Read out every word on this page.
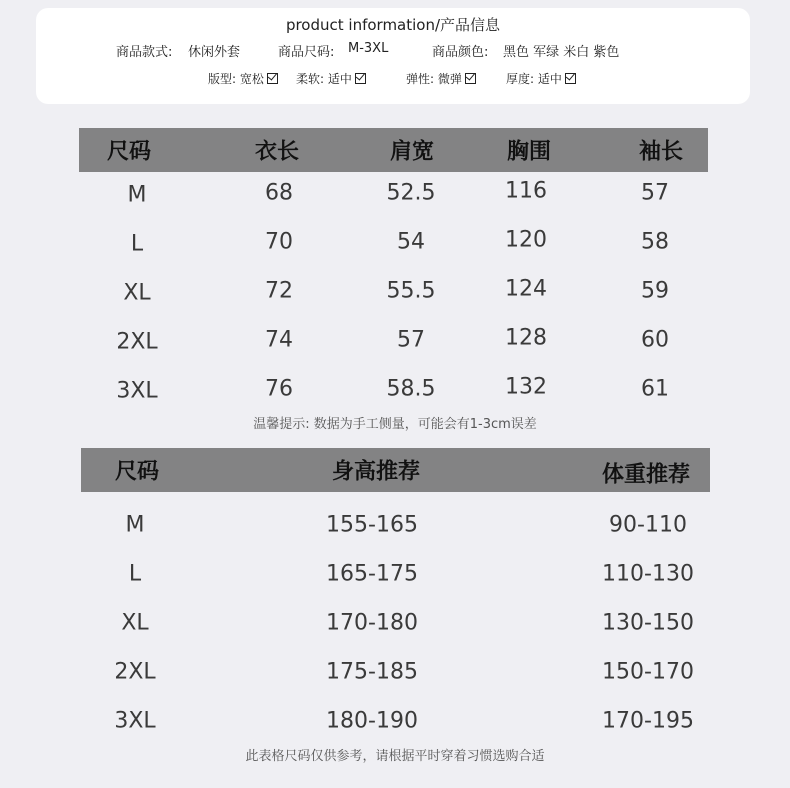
product information/产品信息
商品款式: 休闲外套	商品尺码: M-3XL	商品颜色: 黑色 军绿 米白 紫色
版型: 宽松	柔软: 适中	弹性: 微弹	厚度: 适中
尺码	衣长	肩宽	胸围	袖长
M	68	52.5	116	57
L	70	54	120	58
XL	72	55.5	124	59
2XL	74	57	128	60
3XL	76	58.5	132	61
温馨提示: 数据为手工侧量，可能会有1-3cm误差
尺码	身高推荐	体重推荐
M	155-165	90-110
L	165-175	110-130
XL	170-180	130-150
2XL	175-185	150-170
3XL	180-190	170-195
此表格尺码仅供参考，请根据平时穿着习惯选购合适
